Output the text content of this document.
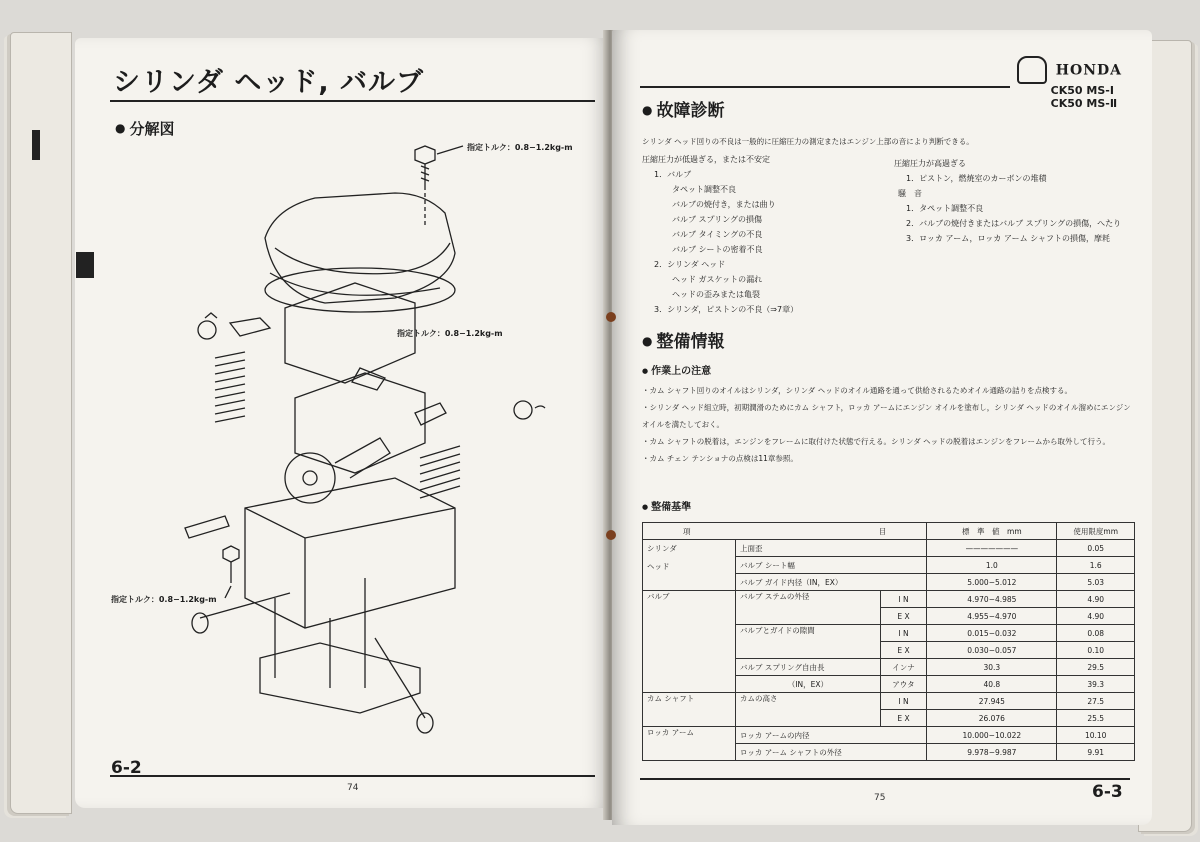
シリンダ ヘッド, バルブ
● 分解図
指定トルク：0.8−1.2kg-m
指定トルク：0.8−1.2kg-m
指定トルク：0.8−1.2kg-m
6-2
74
HONDA
CK50 MS-Ⅰ
CK50 MS-Ⅱ
● 故障診断
シリンダ ヘッド回りの不良は一般的に圧縮圧力の測定またはエンジン上部の音により判断できる。
圧縮圧力が低過ぎる，または不安定
1．バルブ
タペット調整不良
バルブの焼付き，または曲り
バルブ スプリングの損傷
バルブ タイミングの不良
バルブ シートの密着不良
2．シリンダ ヘッド
ヘッド ガスケットの漏れ
ヘッドの歪みまたは亀裂
3．シリンダ，ピストンの不良（⇒7章）
圧縮圧力が高過ぎる
1．ピストン，燃焼室のカーボンの堆積
騒　音
1．タペット調整不良
2．バルブの焼付きまたはバルブ スプリングの損傷，へたり
3．ロッカ アーム，ロッカ アーム シャフトの損傷，摩耗
● 整備情報
● 作業上の注意
・ カム シャフト回りのオイルはシリンダ，シリンダ ヘッドのオイル通路を通って供給されるためオイル通路の詰りを点検する。
・ シリンダ ヘッド組立時，初期潤滑のためにカム シャフト，ロッカ アームにエンジン オイルを塗布し，シリンダ ヘッドのオイル溜めにエンジン オイルを満たしておく。
・ カム シャフトの脱着は，エンジンをフレームに取付けた状態で行える。シリンダ ヘッドの脱着はエンジンをフレームから取外して行う。
・ カム チェン テンショナの点検は11章参照。
● 整備基準
項 目			標　準　値　mm	使用限度mm

シリンダ
ヘッド	上面歪		———————	0.05
	バルブ シート幅		1.0	1.6
	バルブ ガイド内径（IN，EX）		5.000−5.012	5.03
バルブ	バルブ ステムの外径	I N	4.970−4.985	4.90
		E X	4.955−4.970	4.90
	バルブとガイドの隙間	I N	0.015−0.032	0.08
		E X	0.030−0.057	0.10
	バルブ スプリング自由長	インナ	30.3	29.5
	（IN，EX）	アウタ	40.8	39.3
カム シャフト	カムの高さ	I N	27.945	27.5
		E X	26.076	25.5
ロッカ アーム	ロッカ アームの内径		10.000−10.022	10.10
	ロッカ アーム シャフトの外径		9.978−9.987	9.91
75	6-3
